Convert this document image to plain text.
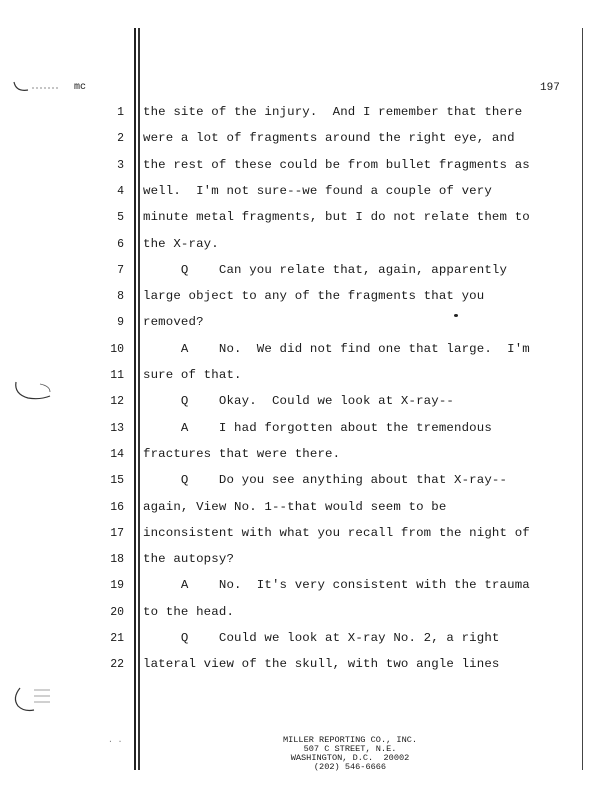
mc	197
1 the site of the injury.  And I remember that there
2 were a lot of fragments around the right eye, and
3 the rest of these could be from bullet fragments as
4 well.  I'm not sure--we found a couple of very
5 minute metal fragments, but I do not relate them to
6 the X-ray.
7 Q    Can you relate that, again, apparently
8 large object to any of the fragments that you
9 removed?
10 A    No.  We did not find one that large.  I'm
11 sure of that.
12 Q    Okay.  Could we look at X-ray--
13 A    I had forgotten about the tremendous
14 fractures that were there.
15 Q    Do you see anything about that X-ray--
16 again, View No. 1--that would seem to be
17 inconsistent with what you recall from the night of
18 the autopsy?
19 A    No.  It's very consistent with the trauma
20 to the head.
21 Q    Could we look at X-ray No. 2, a right
22 lateral view of the skull, with two angle lines
. .	MILLER REPORTING CO., INC.
507 C STREET, N.E.
WASHINGTON, D.C.  20002
(202) 546-6666
